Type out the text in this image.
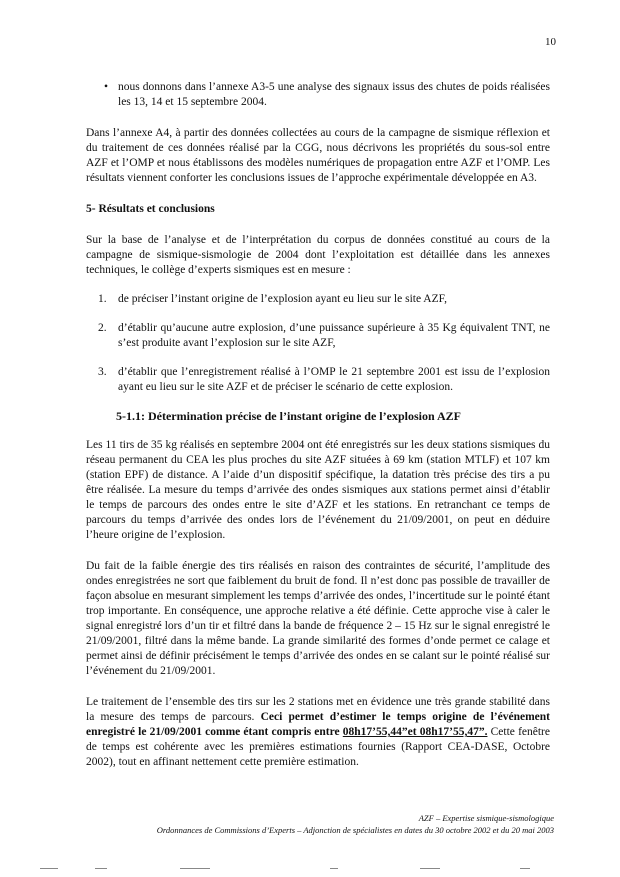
10

• nous donnons dans l’annexe A3-5 une analyse des signaux issus des chutes de poids réalisées les 13, 14 et 15 septembre 2004.

Dans l’annexe A4, à partir des données collectées au cours de la campagne de sismique réflexion et du traitement de ces données réalisé par la CGG, nous décrivons les propriétés du sous-sol entre AZF et l’OMP et nous établissons des modèles numériques de propagation entre AZF et l’OMP. Les résultats viennent conforter les conclusions issues de l’approche expérimentale développée en A3.

5- Résultats et conclusions

Sur la base de l’analyse et de l’interprétation du corpus de données constitué au cours de la campagne de sismique-sismologie de 2004 dont l’exploitation est détaillée dans les annexes techniques, le collège d’experts sismiques est en mesure :

1. de préciser l’instant origine de l’explosion ayant eu lieu sur le site AZF,

2. d’établir qu’aucune autre explosion, d’une puissance supérieure à 35 Kg équivalent TNT, ne s’est produite avant l’explosion sur le site AZF,

3. d’établir que l’enregistrement réalisé à l’OMP le 21 septembre 2001 est issu de l’explosion ayant eu lieu sur le site AZF et de préciser le scénario de cette explosion.

5-1.1: Détermination précise de l’instant origine de l’explosion AZF

Les 11 tirs de 35 kg réalisés en septembre 2004 ont été enregistrés sur les deux stations sismiques du réseau permanent du CEA les plus proches du site AZF situées à 69 km (station MTLF) et 107 km (station EPF) de distance. A l’aide d’un dispositif spécifique, la datation très précise des tirs a pu être réalisée. La mesure du temps d’arrivée des ondes sismiques aux stations permet ainsi d’établir le temps de parcours des ondes entre le site d’AZF et les stations. En retranchant ce temps de parcours du temps d’arrivée des ondes lors de l’événement du 21/09/2001, on peut en déduire l’heure origine de l’explosion.

Du fait de la faible énergie des tirs réalisés en raison des contraintes de sécurité, l’amplitude des ondes enregistrées ne sort que faiblement du bruit de fond. Il n’est donc pas possible de travailler de façon absolue en mesurant simplement les temps d’arrivée des ondes, l’incertitude sur le pointé étant trop importante. En conséquence, une approche relative a été définie. Cette approche vise à caler le signal enregistré lors d’un tir et filtré dans la bande de fréquence 2 – 15 Hz sur le signal enregistré le 21/09/2001, filtré dans la même bande. La grande similarité des formes d’onde permet ce calage et permet ainsi de définir précisément le temps d’arrivée des ondes en se calant sur le pointé réalisé sur l’événement du 21/09/2001.

Le traitement de l’ensemble des tirs sur les 2 stations met en évidence une très grande stabilité dans la mesure des temps de parcours. Ceci permet d’estimer le temps origine de l’événement enregistré le 21/09/2001 comme étant compris entre 08h17’55,44”et 08h17’55,47”. Cette fenêtre de temps est cohérente avec les premières estimations fournies (Rapport CEA-DASE, Octobre 2002), tout en affinant nettement cette première estimation.

AZF – Expertise sismique-sismologique
Ordonnances de Commissions d’Experts – Adjonction de spécialistes en dates du 30 octobre 2002 et du 20 mai 2003
